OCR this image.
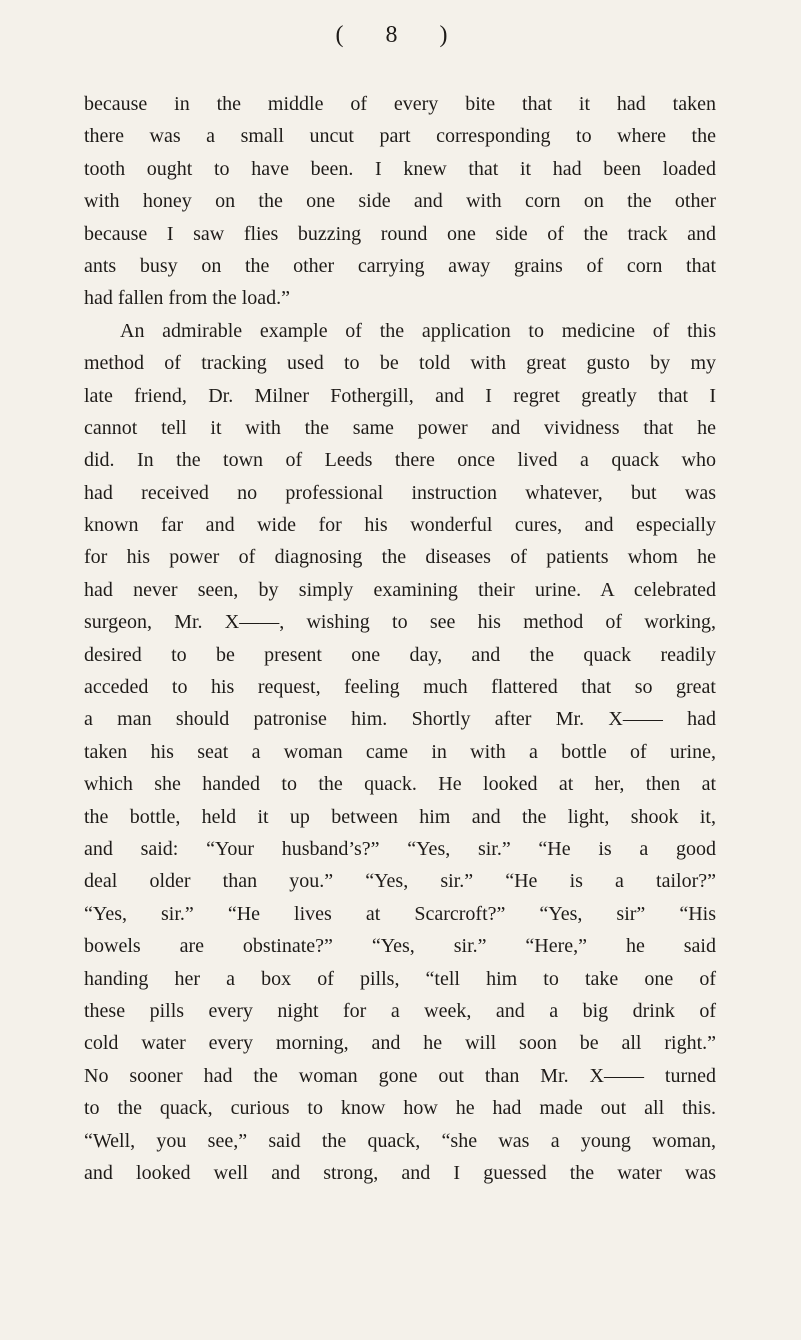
( 8 )
because in the middle of every bite that it had taken
there was a small uncut part corresponding to where the
tooth ought to have been. I knew that it had been loaded
with honey on the one side and with corn on the other
because I saw flies buzzing round one side of the track and
ants busy on the other carrying away grains of corn that
had fallen from the load.”
An admirable example of the application to medicine of this
method of tracking used to be told with great gusto by my
late friend, Dr. Milner Fothergill, and I regret greatly that I
cannot tell it with the same power and vividness that he
did. In the town of Leeds there once lived a quack who
had received no professional instruction whatever, but was
known far and wide for his wonderful cures, and especially
for his power of diagnosing the diseases of patients whom he
had never seen, by simply examining their urine. A celebrated
surgeon, Mr. X——, wishing to see his method of working,
desired to be present one day, and the quack readily
acceded to his request, feeling much flattered that so great
a man should patronise him. Shortly after Mr. X—— had
taken his seat a woman came in with a bottle of urine,
which she handed to the quack. He looked at her, then at
the bottle, held it up between him and the light, shook it,
and said: “Your husband’s?” “Yes, sir.” “He is a good
deal older than you.” “Yes, sir.” “He is a tailor?”
“Yes, sir.” “He lives at Scarcroft?” “Yes, sir” “His
bowels are obstinate?” “Yes, sir.” “Here,” he said
handing her a box of pills, “tell him to take one of
these pills every night for a week, and a big drink of
cold water every morning, and he will soon be all right.”
No sooner had the woman gone out than Mr. X—— turned
to the quack, curious to know how he had made out all this.
“Well, you see,” said the quack, “she was a young woman,
and looked well and strong, and I guessed the water was
